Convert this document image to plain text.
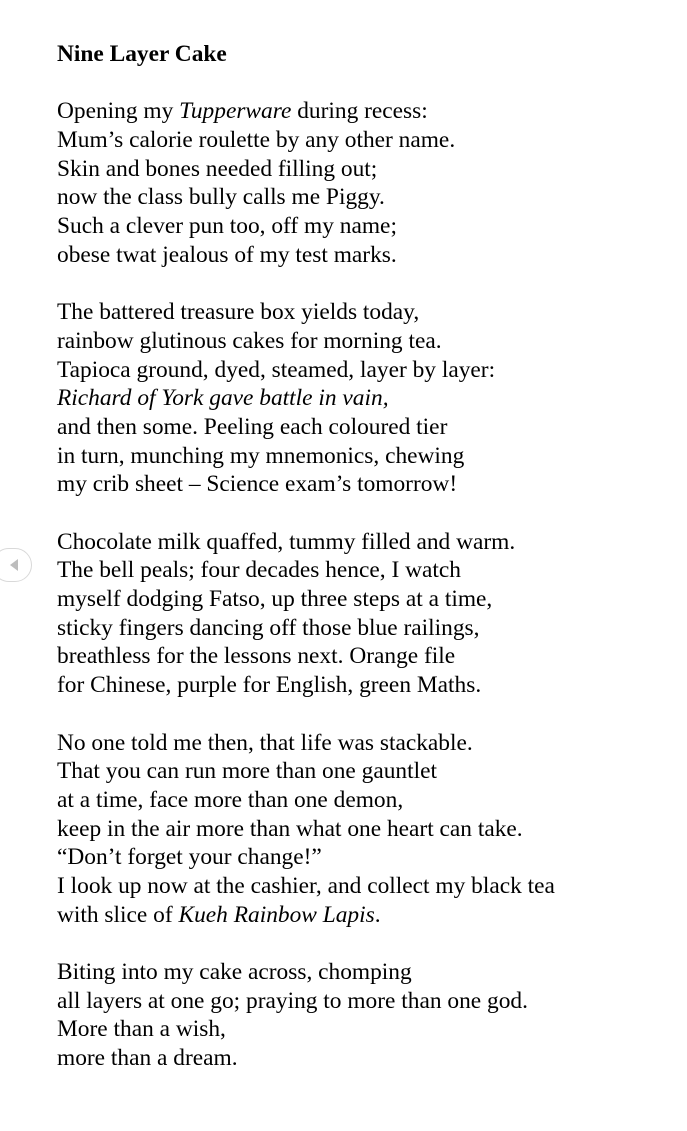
Nine Layer Cake
Opening my Tupperware during recess:
Mum’s calorie roulette by any other name.
Skin and bones needed filling out;
now the class bully calls me Piggy.
Such a clever pun too, off my name;
obese twat jealous of my test marks.
The battered treasure box yields today,
rainbow glutinous cakes for morning tea.
Tapioca ground, dyed, steamed, layer by layer:
Richard of York gave battle in vain,
and then some. Peeling each coloured tier
in turn, munching my mnemonics, chewing
my crib sheet – Science exam’s tomorrow!
Chocolate milk quaffed, tummy filled and warm.
The bell peals; four decades hence, I watch
myself dodging Fatso, up three steps at a time,
sticky fingers dancing off those blue railings,
breathless for the lessons next. Orange file
for Chinese, purple for English, green Maths.
No one told me then, that life was stackable.
That you can run more than one gauntlet
at a time, face more than one demon,
keep in the air more than what one heart can take.
“Don’t forget your change!”
I look up now at the cashier, and collect my black tea
with slice of Kueh Rainbow Lapis.
Biting into my cake across, chomping
all layers at one go; praying to more than one god.
More than a wish,
more than a dream.
